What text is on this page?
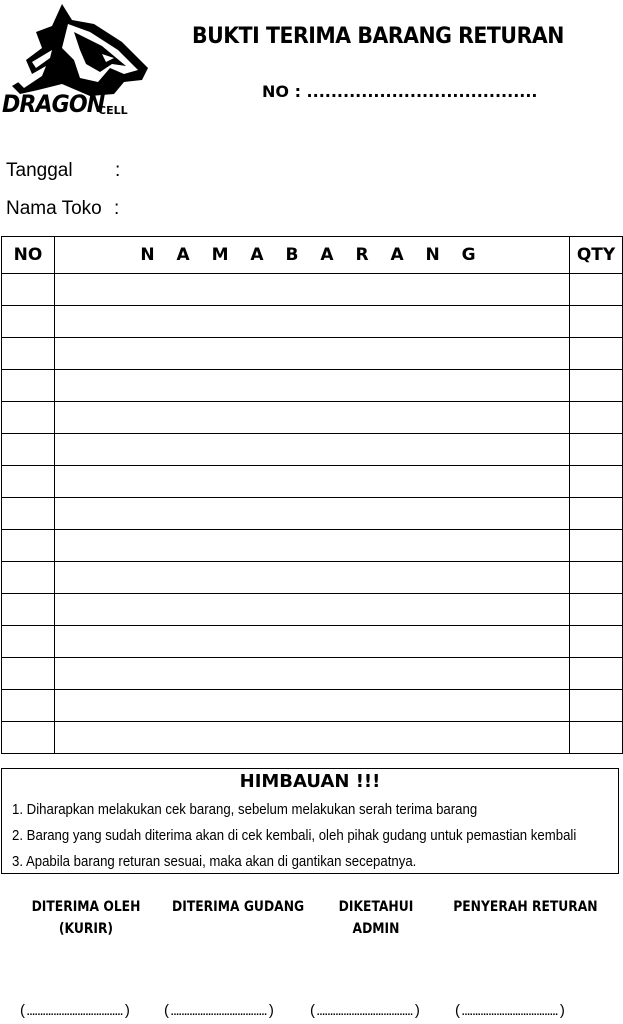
DRAGON
CELL
BUKTI TERIMA BARANG RETURAN
NO : ......................................
Tanggal :
Nama Toko :
NO	N A M A B A R A N G	QTY

HIMBAUAN !!!
1. Diharapkan melakukan cek barang, sebelum melakukan serah terima barang
2. Barang yang sudah diterima akan di cek kembali, oleh pihak gudang untuk pemastian kembali
3. Apabila barang returan sesuai, maka akan di gantikan secepatnya.
DITERIMA OLEH
(KURIR)
DITERIMA GUDANG	DIKETAHUI
ADMIN
PENYERAH RETURAN
( .................................... ) ( .................................... )	( .................................... ) ( .................................... )
